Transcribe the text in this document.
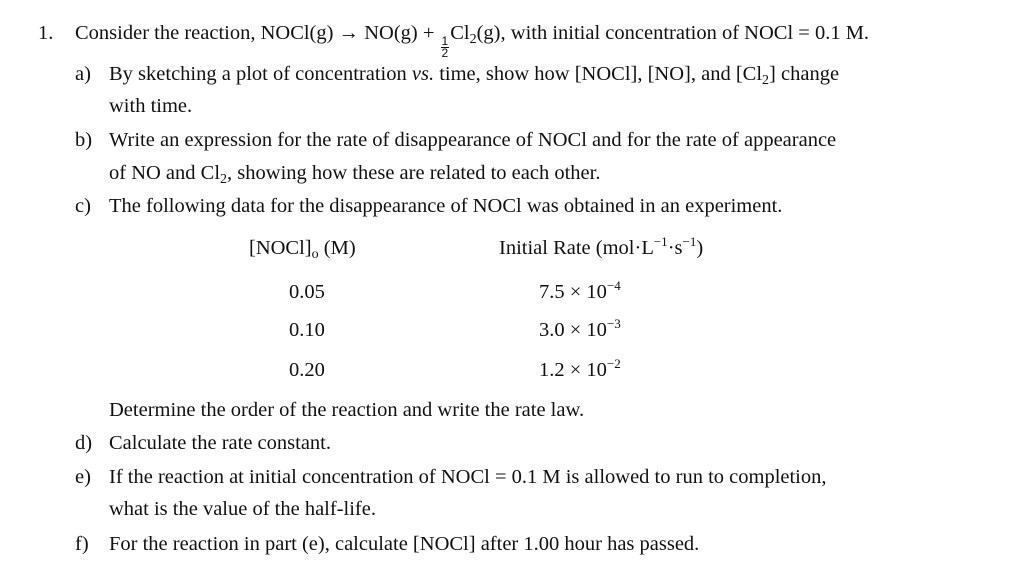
1. Consider the reaction, NOCl(g) → NO(g) +
$\frac{1}{2}$
$Cl_2(g)$, with initial concentration of NOCl = 0.1 M.
a) By sketching a plot of concentration vs. time, show how [NOCl], [NO], and $[Cl_2]$ change
with time.
b) Write an expression for the rate of disappearance of NOCl and for the rate of appearance
of NO and $Cl_2$, showing how these are related to each other.
c) The following data for the disappearance of NOCl was obtained in an experiment.
$[NOCl]_o$ (M)	Initial Rate $(mol\cdot L^{-1}\cdot s^{-1})$
0.05	$7.5 \times 10^{-4}$
0.10	$3.0 \times 10^{-3}$
0.20	$1.2 \times 10^{-2}$
Determine the order of the reaction and write the rate law.
d) Calculate the rate constant.
e) If the reaction at initial concentration of NOCl = 0.1 M is allowed to run to completion,
what is the value of the half-life.
f) For the reaction in part (e), calculate [NOCl] after 1.00 hour has passed.
